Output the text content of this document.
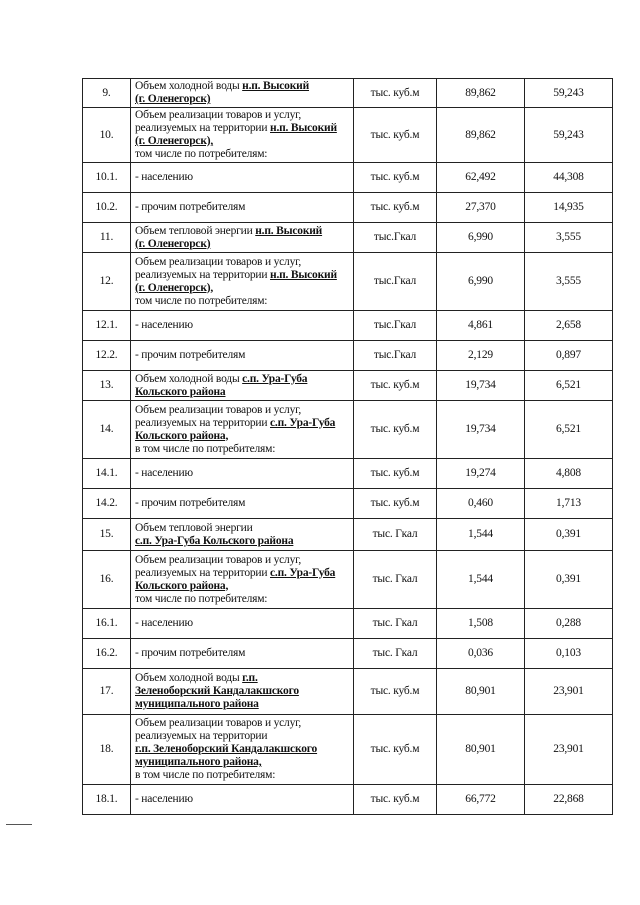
9.	Объем холодной воды н.п. Высокий
(г. Оленегорск)	тыс. куб.м	89,862	59,243
10.	Объем реализации товаров и услуг,
реализуемых на территории н.п. Высокий
(г. Оленегорск),
том числе по потребителям:	тыс. куб.м	89,862	59,243
10.1.	- населению	тыс. куб.м	62,492	44,308
10.2.	- прочим потребителям	тыс. куб.м	27,370	14,935
11.	Объем тепловой энергии н.п. Высокий
(г. Оленегорск)	тыс.Гкал	6,990	3,555
12.	Объем реализации товаров и услуг,
реализуемых на территории н.п. Высокий
(г. Оленегорск),
том числе по потребителям:	тыс.Гкал	6,990	3,555
12.1.	- населению	тыс.Гкал	4,861	2,658
12.2.	- прочим потребителям	тыс.Гкал	2,129	0,897
13.	Объем холодной воды с.п. Ура-Губа
Кольского района	тыс. куб.м	19,734	6,521
14.	Объем реализации товаров и услуг,
реализуемых на территории с.п. Ура-Губа
Кольского района,
в том числе по потребителям:	тыс. куб.м	19,734	6,521
14.1.	- населению	тыс. куб.м	19,274	4,808
14.2.	- прочим потребителям	тыс. куб.м	0,460	1,713
15.	Объем тепловой энергии
с.п. Ура-Губа Кольского района	тыс. Гкал	1,544	0,391
16.	Объем реализации товаров и услуг,
реализуемых на территории с.п. Ура-Губа
Кольского района,
том числе по потребителям:	тыс. Гкал	1,544	0,391
16.1.	- населению	тыс. Гкал	1,508	0,288
16.2.	- прочим потребителям	тыс. Гкал	0,036	0,103
17.	Объем холодной воды г.п.
Зеленоборский Кандалакшского
муниципального района	тыс. куб.м	80,901	23,901
18.	Объем реализации товаров и услуг,
реализуемых на территории
г.п. Зеленоборский Кандалакшского
муниципального района,
в том числе по потребителям:	тыс. куб.м	80,901	23,901
18.1.	- населению	тыс. куб.м	66,772	22,868
